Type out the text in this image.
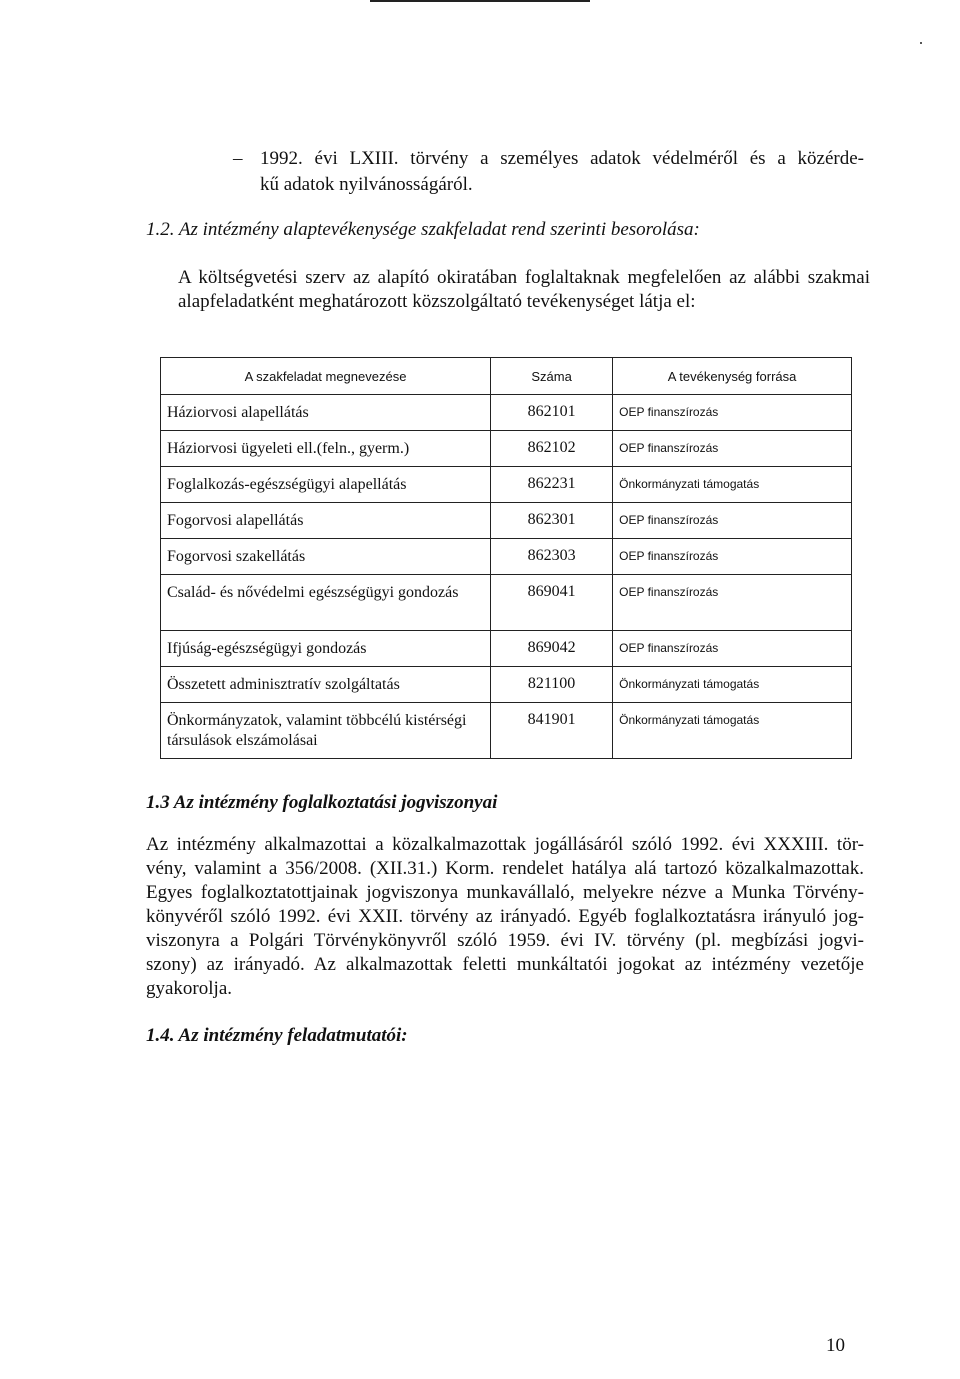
– 1992. évi LXIII. törvény a személyes adatok védelméről és a közérde-
kű adatok nyilvánosságáról.
1.2. Az intézmény alaptevékenysége szakfeladat rend szerinti besorolása:
A költségvetési szerv az alapító okiratában foglaltaknak megfelelően az alábbi szakmai
alapfeladatként meghatározott közszolgáltató tevékenységet látja el:
A szakfeladat megnevezése	Száma	A tevékenység forrása
Háziorvosi alapellátás	862101	OEP finanszírozás
Háziorvosi ügyeleti ell.(feln., gyerm.)	862102	OEP finanszírozás
Foglalkozás-egészségügyi alapellátás	862231	Önkormányzati támogatás
Fogorvosi alapellátás	862301	OEP finanszírozás
Fogorvosi szakellátás	862303	OEP finanszírozás
Család- és nővédelmi egészségügyi gondozás	869041	OEP finanszírozás
Ifjúság-egészségügyi gondozás	869042	OEP finanszírozás
Összetett adminisztratív szolgáltatás	821100	Önkormányzati támogatás
Önkormányzatok, valamint többcélú kistérségi társulások elszámolásai	841901	Önkormányzati támogatás
1.3 Az intézmény foglalkoztatási jogviszonyai
Az intézmény alkalmazottai a közalkalmazottak jogállásáról szóló 1992. évi XXXIII. tör-
vény, valamint a 356/2008. (XII.31.) Korm. rendelet hatálya alá tartozó közalkalmazottak.
Egyes foglalkoztatottjainak jogviszonya munkavállaló, melyekre nézve a Munka Törvény-
könyvéről szóló 1992. évi XXII. törvény az irányadó. Egyéb foglalkoztatásra irányuló jog-
viszonyra a Polgári Törvénykönyvről szóló 1959. évi IV. törvény (pl. megbízási jogvi-
szony) az irányadó. Az alkalmazottak feletti munkáltatói jogokat az intézmény vezetője
gyakorolja.
1.4. Az intézmény feladatmutatói:
10
